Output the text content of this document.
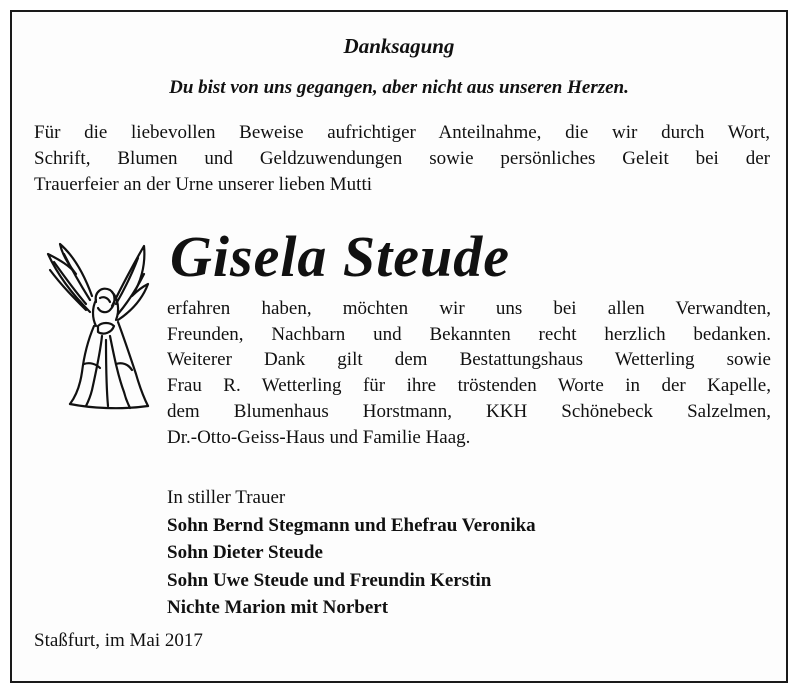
Danksagung

Du bist von uns gegangen, aber nicht aus unseren Herzen.

Für die liebevollen Beweise aufrichtiger Anteilnahme, die wir durch Wort,
Schrift, Blumen und Geldzuwendungen sowie persönliches Geleit bei der
Trauerfeier an der Urne unserer lieben Mutti

Gisela Steude

erfahren haben, möchten wir uns bei allen Verwandten,
Freunden, Nachbarn und Bekannten recht herzlich bedanken.
Weiterer Dank gilt dem Bestattungshaus Wetterling sowie
Frau R. Wetterling für ihre tröstenden Worte in der Kapelle,
dem Blumenhaus Horstmann, KKH Schönebeck Salzelmen,
Dr.-Otto-Geiss-Haus und Familie Haag.

In stiller Trauer
Sohn Bernd Stegmann und Ehefrau Veronika
Sohn Dieter Steude
Sohn Uwe Steude und Freundin Kerstin
Nichte Marion mit Norbert

Staßfurt, im Mai 2017
